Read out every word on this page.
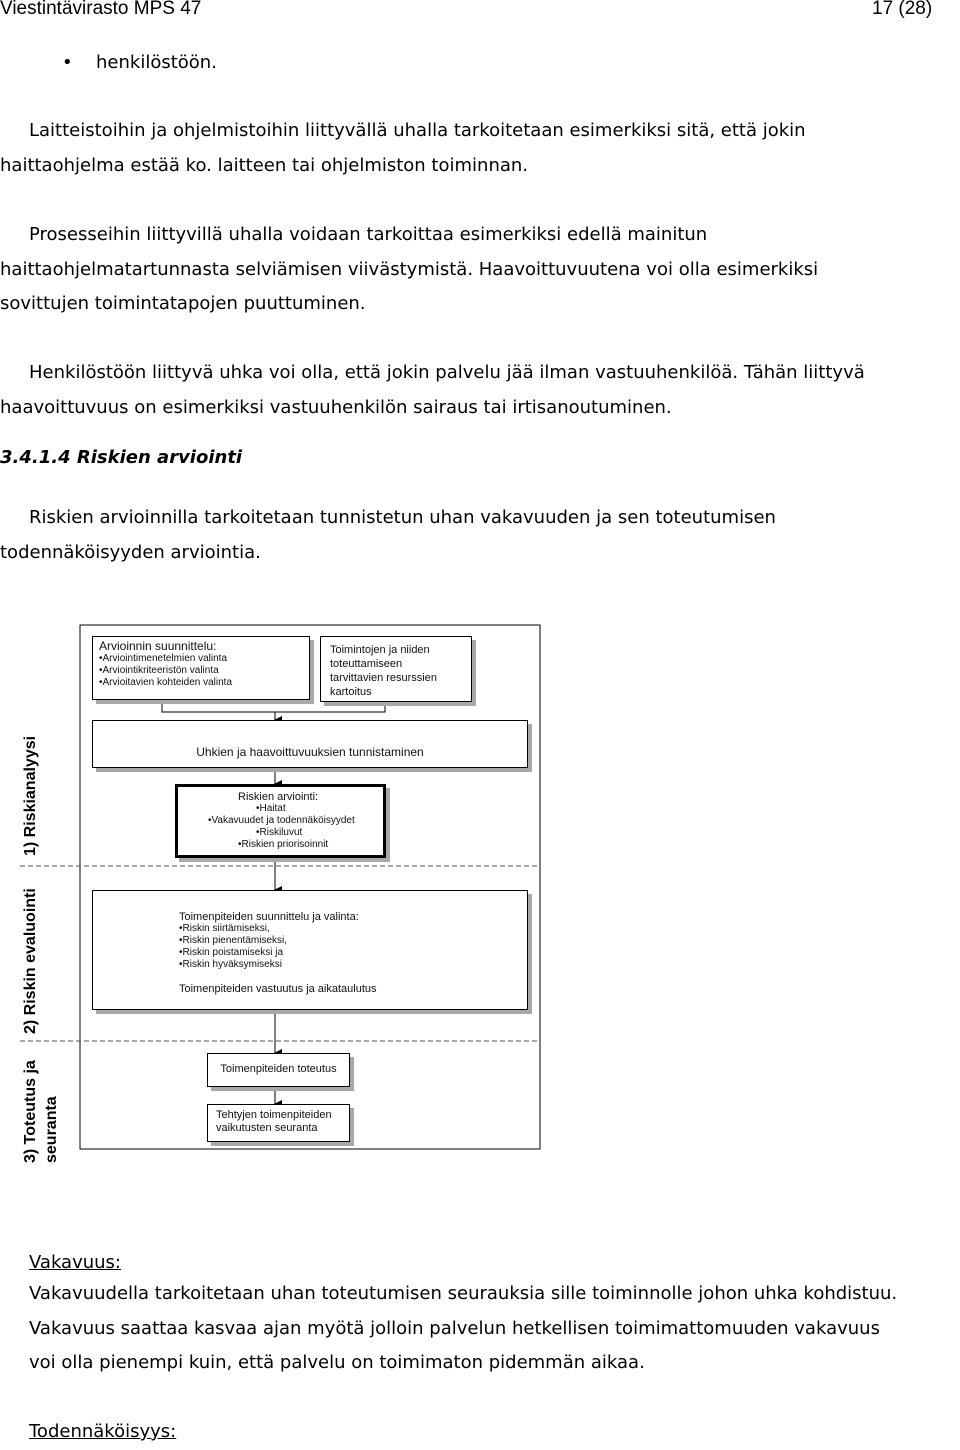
Viestintävirasto MPS 47	17 (28)
• henkilöstöön.
Laitteistoihin ja ohjelmistoihin liittyvällä uhalla tarkoitetaan esimerkiksi sitä, että jokin
haittaohjelma estää ko. laitteen tai ohjelmiston toiminnan.
Prosesseihin liittyvillä uhalla voidaan tarkoittaa esimerkiksi edellä mainitun
haittaohjelmatartunnasta selviämisen viivästymistä. Haavoittuvuutena voi olla esimerkiksi
sovittujen toimintatapojen puuttuminen.
Henkilöstöön liittyvä uhka voi olla, että jokin palvelu jää ilman vastuuhenkilöä. Tähän liittyvä
haavoittuvuus on esimerkiksi vastuuhenkilön sairaus tai irtisanoutuminen.
3.4.1.4 Riskien arviointi
Riskien arvioinnilla tarkoitetaan tunnistetun uhan vakavuuden ja sen toteutumisen
todennäköisyyden arviointia.
Arvioinnin suunnittelu:
•Arviointimenetelmien valinta
•Arviointikriteeristön valinta
•Arvioitavien kohteiden valinta
Toimintojen ja niiden
toteuttamiseen
tarvittavien resurssien
kartoitus
Uhkien ja haavoittuvuuksien tunnistaminen
Riskien arviointi:
•Haitat
•Vakavuudet ja todennäköisyydet
•Riskiluvut
•Riskien priorisoinnit
Toimenpiteiden suunnittelu ja valinta:
•Riskin siirtämiseksi,
•Riskin pienentämiseksi,
•Riskin poistamiseksi ja
•Riskin hyväksymiseksi
Toimenpiteiden vastuutus ja aikataulutus
Toimenpiteiden toteutus
Tehtyjen toimenpiteiden
vaikutusten seuranta
1) Riskianalyysi
2) Riskin evaluointi
3) Toteutus ja seuranta
Vakavuus:
Vakavuudella tarkoitetaan uhan toteutumisen seurauksia sille toiminnolle johon uhka kohdistuu.
Vakavuus saattaa kasvaa ajan myötä jolloin palvelun hetkellisen toimimattomuuden vakavuus
voi olla pienempi kuin, että palvelu on toimimaton pidemmän aikaa.
Todennäköisyys:
